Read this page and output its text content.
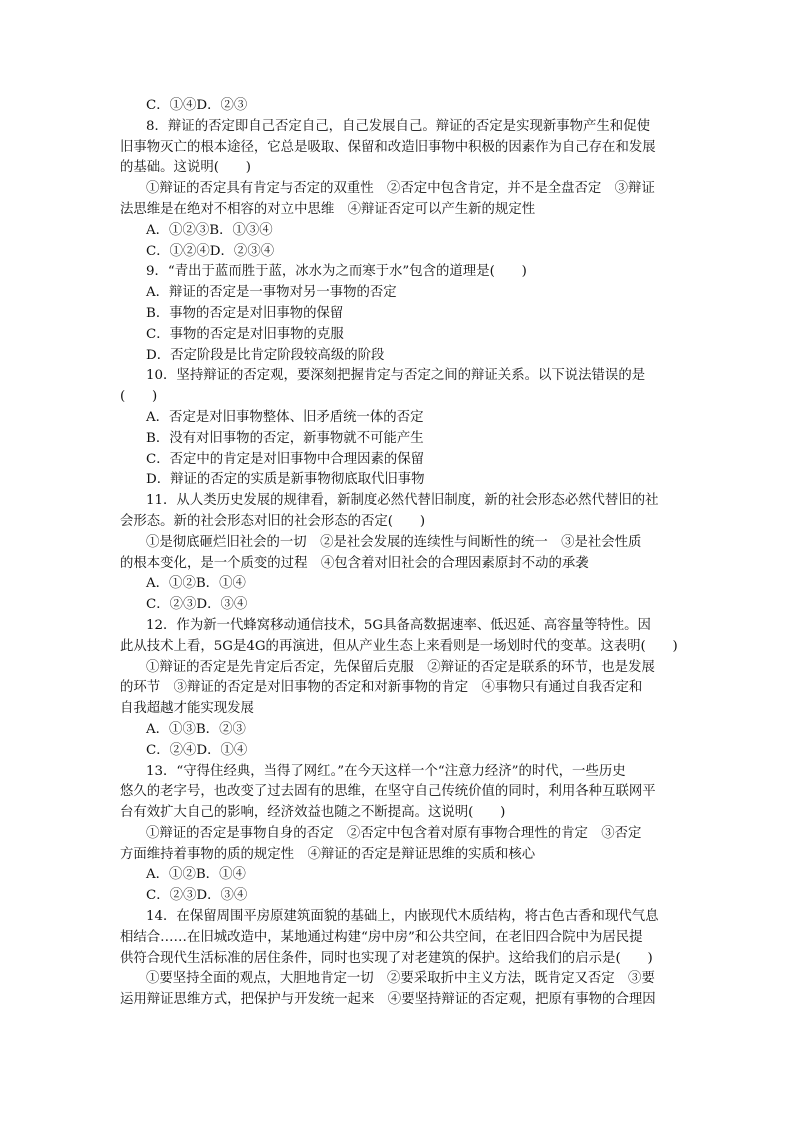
C．①④D．②③
8．辩证的否定即自己否定自己，自己发展自己。辩证的否定是实现新事物产生和促使
旧事物灭亡的根本途径，它总是吸取、保留和改造旧事物中积极的因素作为自己存在和发展
的基础。这说明(　　)
①辩证的否定具有肯定与否定的双重性　②否定中包含肯定，并不是全盘否定　③辩证
法思维是在绝对不相容的对立中思维　④辩证否定可以产生新的规定性
A．①②③B．①③④
C．①②④D．②③④
9．“青出于蓝而胜于蓝，冰水为之而寒于水”包含的道理是(　　)
A．辩证的否定是一事物对另一事物的否定
B．事物的否定是对旧事物的保留
C．事物的否定是对旧事物的克服
D．否定阶段是比肯定阶段较高级的阶段
10．坚持辩证的否定观，要深刻把握肯定与否定之间的辩证关系。以下说法错误的是
(　　)
A．否定是对旧事物整体、旧矛盾统一体的否定
B．没有对旧事物的否定，新事物就不可能产生
C．否定中的肯定是对旧事物中合理因素的保留
D．辩证的否定的实质是新事物彻底取代旧事物
11．从人类历史发展的规律看，新制度必然代替旧制度，新的社会形态必然代替旧的社
会形态。新的社会形态对旧的社会形态的否定(　　)
①是彻底砸烂旧社会的一切　②是社会发展的连续性与间断性的统一　③是社会性质
的根本变化，是一个质变的过程　④包含着对旧社会的合理因素原封不动的承袭
A．①②B．①④
C．②③D．③④
12．作为新一代蜂窝移动通信技术，5G具备高数据速率、低迟延、高容量等特性。因
此从技术上看，5G是4G的再演进，但从产业生态上来看则是一场划时代的变革。这表明(　　)
①辩证的否定是先肯定后否定，先保留后克服　②辩证的否定是联系的环节，也是发展
的环节　③辩证的否定是对旧事物的否定和对新事物的肯定　④事物只有通过自我否定和
自我超越才能实现发展
A．①③B．②③
C．②④D．①④
13．“守得住经典，当得了网红。”在今天这样一个“注意力经济”的时代，一些历史
悠久的老字号，也改变了过去固有的思维，在坚守自己传统价值的同时，利用各种互联网平
台有效扩大自己的影响，经济效益也随之不断提高。这说明(　　)
①辩证的否定是事物自身的否定　②否定中包含着对原有事物合理性的肯定　③否定
方面维持着事物的质的规定性　④辩证的否定是辩证思维的实质和核心
A．①②B．①④
C．②③D．③④
14．在保留周围平房原建筑面貌的基础上，内嵌现代木质结构，将古色古香和现代气息
相结合……在旧城改造中，某地通过构建“房中房”和公共空间，在老旧四合院中为居民提
供符合现代生活标准的居住条件，同时也实现了对老建筑的保护。这给我们的启示是(　　)
①要坚持全面的观点，大胆地肯定一切　②要采取折中主义方法，既肯定又否定　③要
运用辩证思维方式，把保护与开发统一起来　④要坚持辩证的否定观，把原有事物的合理因
